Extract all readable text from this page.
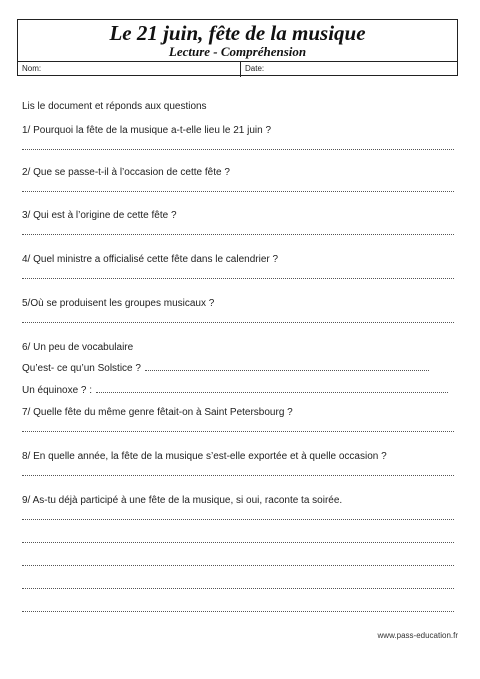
Le 21 juin, fête de la musique
Lecture - Compréhension
Nom:	Date:
Lis le document et réponds aux questions
1/ Pourquoi la fête de la musique a-t-elle lieu le 21 juin ?
2/ Que se passe-t-il à l’occasion de cette fête ?
3/ Qui est à l’origine de cette fête ?
4/ Quel ministre a officialisé cette fête dans le calendrier ?
5/Où se produisent les groupes musicaux ?
6/ Un peu de vocabulaire
Qu’est- ce qu’un Solstice ?
Un équinoxe ? :
7/ Quelle fête du même genre fêtait-on à Saint Petersbourg ?
8/ En quelle année, la fête de la musique s’est-elle exportée et à quelle occasion ?
9/ As-tu déjà participé à une fête de la musique, si oui, raconte ta soirée.
www.pass-education.fr
